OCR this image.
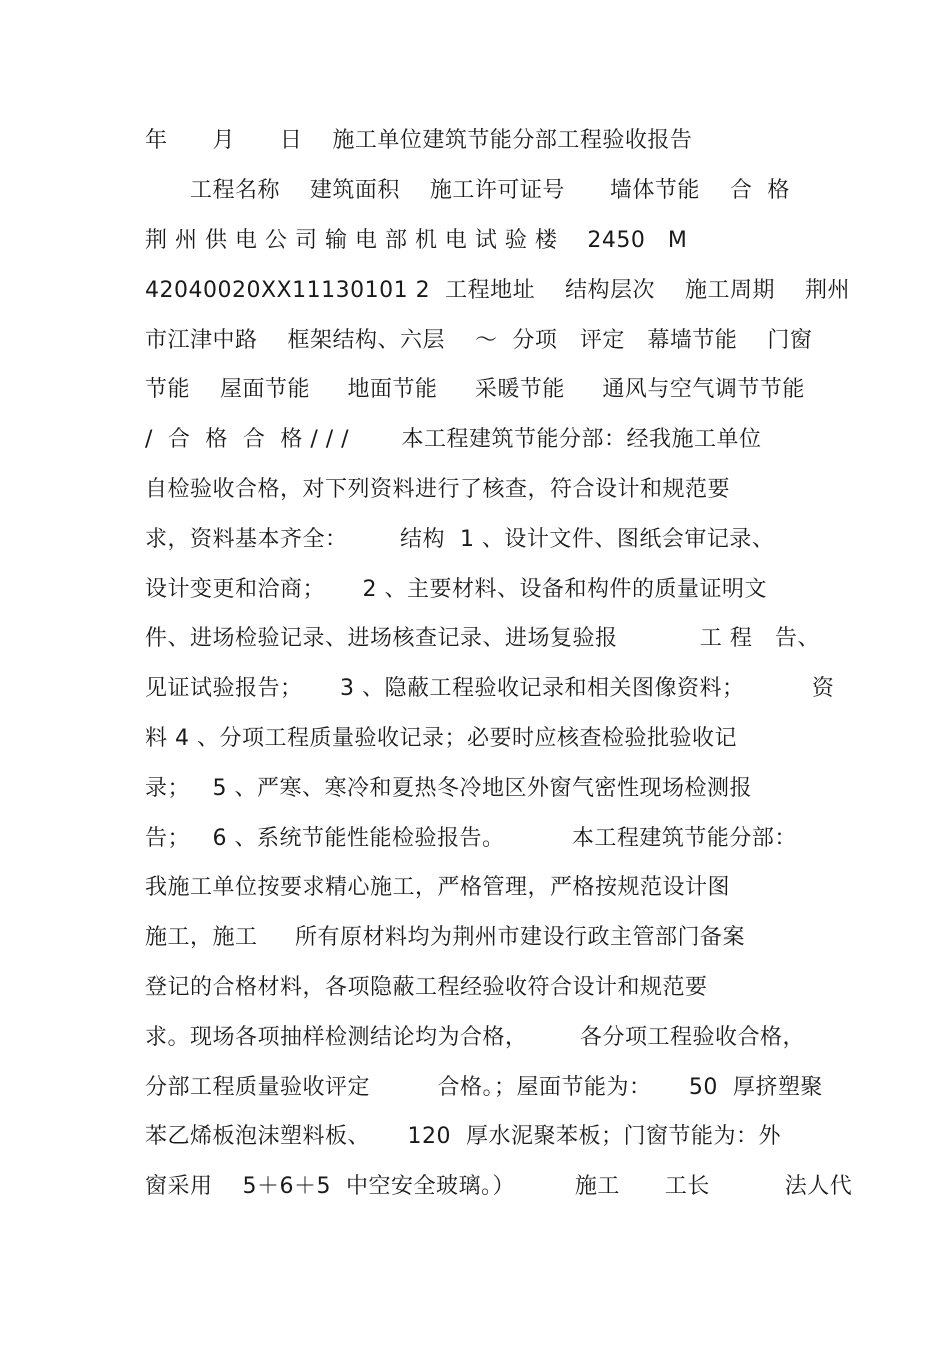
年      月      日    施工单位建筑节能分部工程验收报告
工程名称    建筑面积    施工许可证号      墙体节能    合  格
荆 州 供 电 公 司 输 电 部 机 电 试 验 楼    2450   M
42040020XX11130101 2  工程地址    结构层次    施工周期    荆州
市江津中路    框架结构、六层    ～  分项   评定   幕墙节能    门窗
节能    屋面节能     地面节能     采暖节能     通风与空气调节节能
/  合  格  合  格 / / /       本工程建筑节能分部：经我施工单位
自检验收合格，对下列资料进行了核查，符合设计和规范要
求，资料基本齐全：       结构  1 、设计文件、图纸会审记录、
设计变更和洽商；     2 、主要材料、设备和构件的质量证明文
件、进场检验记录、进场核查记录、进场复验报           工 程   告、
见证试验报告；     3 、隐蔽工程验收记录和相关图像资料；         资
料 4 、分项工程质量验收记录；必要时应核查检验批验收记
录；   5 、严寒、寒冷和夏热冬冷地区外窗气密性现场检测报
告；   6 、系统节能性能检验报告。         本工程建筑节能分部：
我施工单位按要求精心施工，严格管理，严格按规范设计图
施工，施工     所有原材料均为荆州市建设行政主管部门备案
登记的合格材料，各项隐蔽工程经验收符合设计和规范要
求。现场各项抽样检测结论均为合格，       各分项工程验收合格，
分部工程质量验收评定         合格。；屋面节能为：     50  厚挤塑聚
苯乙烯板泡沫塑料板、     120  厚水泥聚苯板；门窗节能为：外
窗采用    5＋6＋5  中空安全玻璃。）        施工      工长          法人代
